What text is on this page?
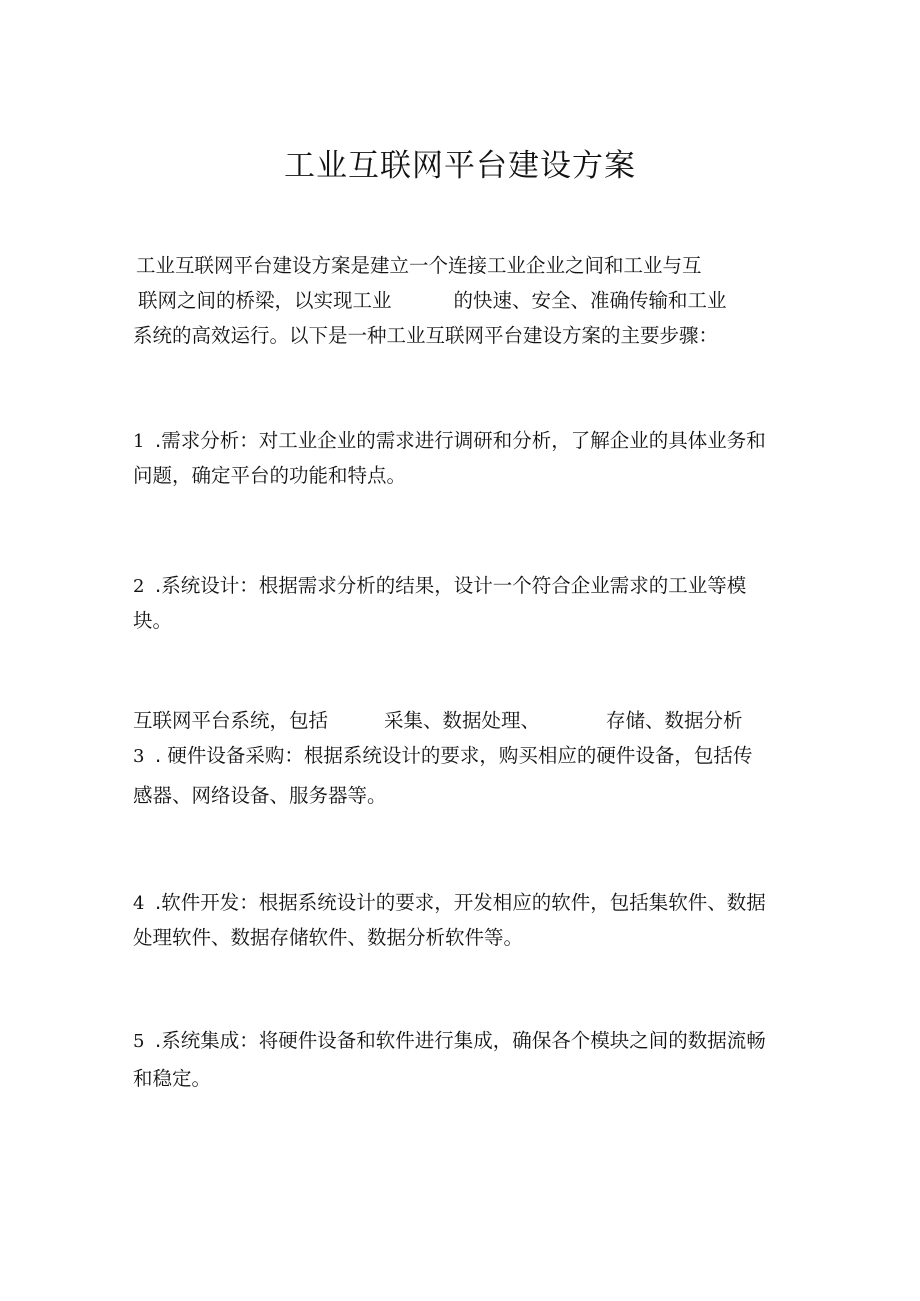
工业互联网平台建设方案

工业互联网平台建设方案是建立一个连接工业企业之间和工业与互

联网之间的桥梁，以实现工业	的快速、安全、准确传输和工业

系统的高效运行。以下是一种工业互联网平台建设方案的主要步骤：

1 .需求分析：对工业企业的需求进行调研和分析，了解企业的具体业务和

问题，确定平台的功能和特点。

2 .系统设计：根据需求分析的结果，设计一个符合企业需求的工业等模

块。

互联网平台系统，包括	采集、数据处理、	存储、数据分析

3 . 硬件设备采购：根据系统设计的要求，购买相应的硬件设备，包括传

感器、网络设备、服务器等。

4 .软件开发：根据系统设计的要求，开发相应的软件，包括集软件、数据

处理软件、数据存储软件、数据分析软件等。

5 .系统集成：将硬件设备和软件进行集成，确保各个模块之间的数据流畅

和稳定。
